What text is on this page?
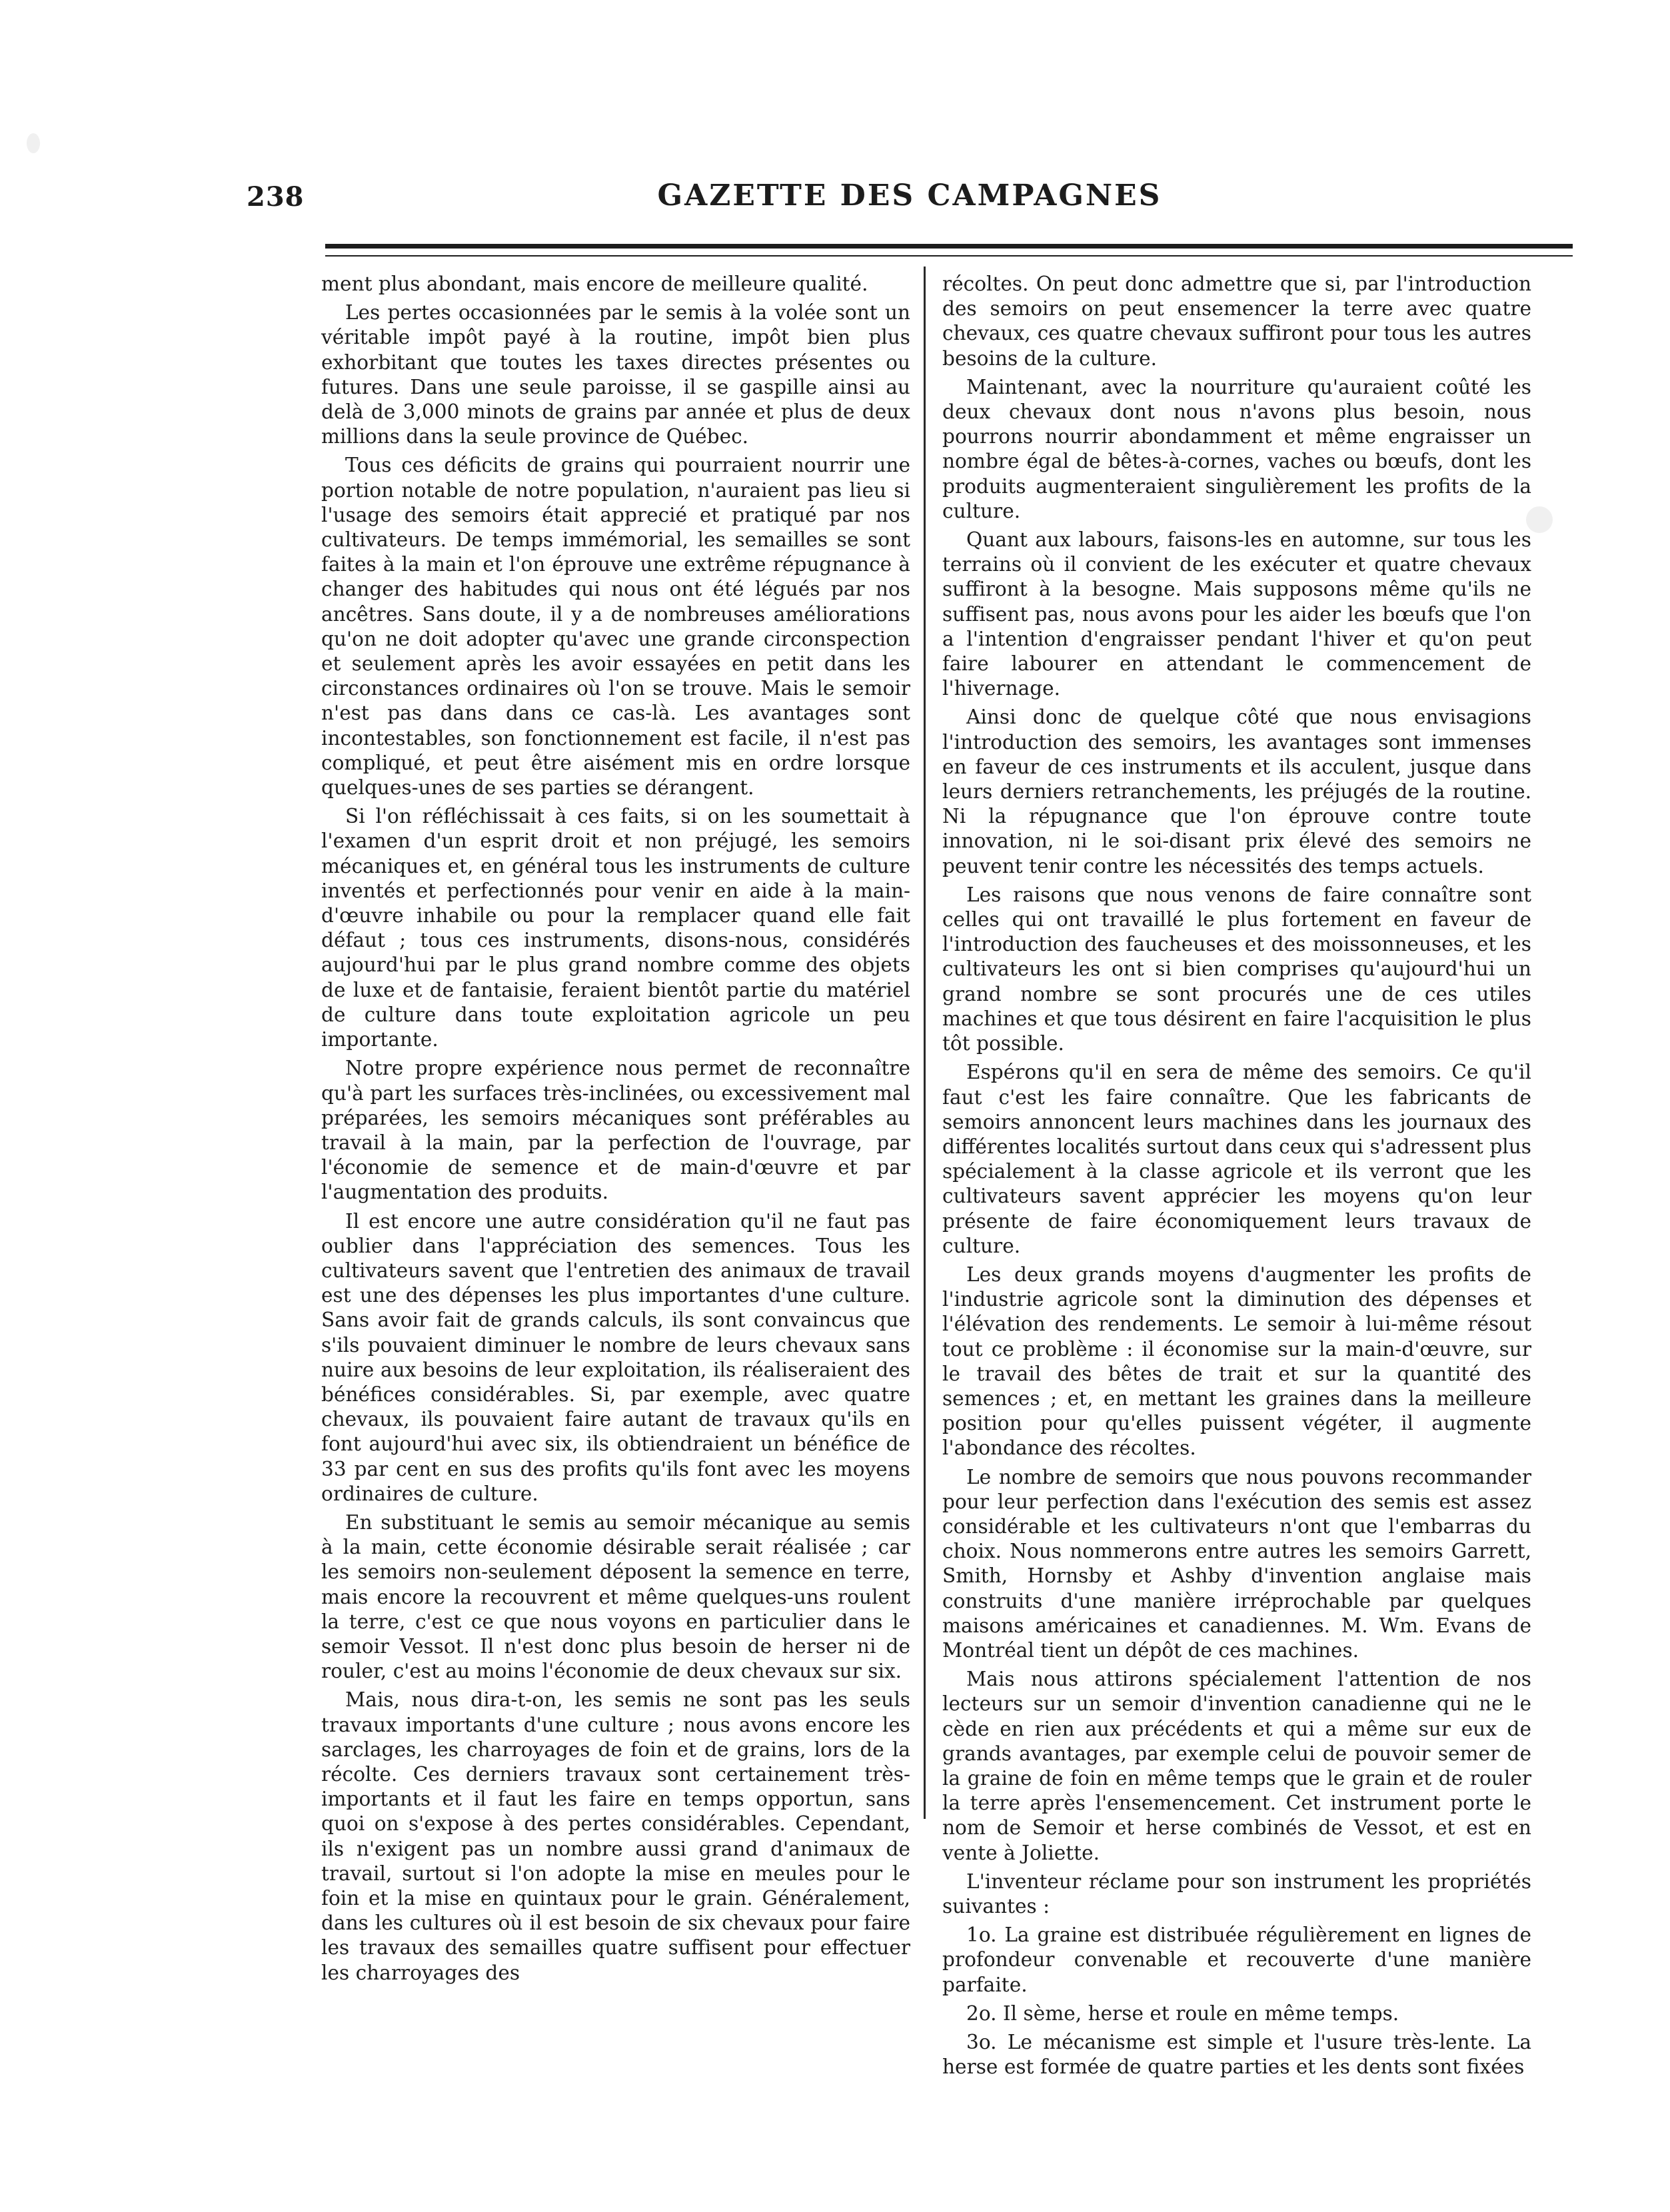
238	GAZETTE DES CAMPAGNES

ment plus abondant, mais encore de meilleure qualité.

Les pertes occasionnées par le semis à la volée sont un véritable impôt payé à la routine, impôt bien plus exhorbitant que toutes les taxes directes présentes ou futures. Dans une seule paroisse, il se gaspille ainsi au delà de 3,000 minots de grains par année et plus de deux millions dans la seule province de Québec.

Tous ces déficits de grains qui pourraient nourrir une portion notable de notre population, n'auraient pas lieu si l'usage des semoirs était apprecié et pratiqué par nos cultivateurs. De temps immémorial, les semailles se sont faites à la main et l'on éprouve une extrême répugnance à changer des habitudes qui nous ont été légués par nos ancêtres. Sans doute, il y a de nombreuses améliorations qu'on ne doit adopter qu'avec une grande circonspection et seulement après les avoir essayées en petit dans les circonstances ordinaires où l'on se trouve. Mais le semoir n'est pas dans dans ce cas-là. Les avantages sont incontestables, son fonctionnement est facile, il n'est pas compliqué, et peut être aisément mis en ordre lorsque quelques-unes de ses parties se dérangent.

Si l'on réfléchissait à ces faits, si on les soumettait à l'examen d'un esprit droit et non préjugé, les semoirs mécaniques et, en général tous les instruments de culture inventés et perfectionnés pour venir en aide à la main-d'œuvre inhabile ou pour la remplacer quand elle fait défaut ; tous ces instruments, disons-nous, considérés aujourd'hui par le plus grand nombre comme des objets de luxe et de fantaisie, feraient bientôt partie du matériel de culture dans toute exploitation agricole un peu importante.

Notre propre expérience nous permet de reconnaître qu'à part les surfaces très-inclinées, ou excessivement mal préparées, les semoirs mécaniques sont préférables au travail à la main, par la perfection de l'ouvrage, par l'économie de semence et de main-d'œuvre et par l'augmentation des produits.

Il est encore une autre considération qu'il ne faut pas oublier dans l'appréciation des semences. Tous les cultivateurs savent que l'entretien des animaux de travail est une des dépenses les plus importantes d'une culture. Sans avoir fait de grands calculs, ils sont convaincus que s'ils pouvaient diminuer le nombre de leurs chevaux sans nuire aux besoins de leur exploitation, ils réaliseraient des bénéfices considérables. Si, par exemple, avec quatre chevaux, ils pouvaient faire autant de travaux qu'ils en font aujourd'hui avec six, ils obtiendraient un bénéfice de 33 par cent en sus des profits qu'ils font avec les moyens ordinaires de culture.

En substituant le semis au semoir mécanique au semis à la main, cette économie désirable serait réalisée ; car les semoirs non-seulement déposent la semence en terre, mais encore la recouvrent et même quelques-uns roulent la terre, c'est ce que nous voyons en particulier dans le semoir Vessot. Il n'est donc plus besoin de herser ni de rouler, c'est au moins l'économie de deux chevaux sur six.

Mais, nous dira-t-on, les semis ne sont pas les seuls travaux importants d'une culture ; nous avons encore les sarclages, les charroyages de foin et de grains, lors de la récolte. Ces derniers travaux sont certainement très-importants et il faut les faire en temps opportun, sans quoi on s'expose à des pertes considérables. Cependant, ils n'exigent pas un nombre aussi grand d'animaux de travail, surtout si l'on adopte la mise en meules pour le foin et la mise en quintaux pour le grain. Généralement, dans les cultures où il est besoin de six chevaux pour faire les travaux des semailles quatre suffisent pour effectuer les charroyages des

récoltes. On peut donc admettre que si, par l'introduction des semoirs on peut ensemencer la terre avec quatre chevaux, ces quatre chevaux suffiront pour tous les autres besoins de la culture.

Maintenant, avec la nourriture qu'auraient coûté les deux chevaux dont nous n'avons plus besoin, nous pourrons nourrir abondamment et même engraisser un nombre égal de bêtes-à-cornes, vaches ou bœufs, dont les produits augmenteraient singulièrement les profits de la culture.

Quant aux labours, faisons-les en automne, sur tous les terrains où il convient de les exécuter et quatre chevaux suffiront à la besogne. Mais supposons même qu'ils ne suffisent pas, nous avons pour les aider les bœufs que l'on a l'intention d'engraisser pendant l'hiver et qu'on peut faire labourer en attendant le commencement de l'hivernage.

Ainsi donc de quelque côté que nous envisagions l'introduction des semoirs, les avantages sont immenses en faveur de ces instruments et ils acculent, jusque dans leurs derniers retranchements, les préjugés de la routine. Ni la répugnance que l'on éprouve contre toute innovation, ni le soi-disant prix élevé des semoirs ne peuvent tenir contre les nécessités des temps actuels.

Les raisons que nous venons de faire connaître sont celles qui ont travaillé le plus fortement en faveur de l'introduction des faucheuses et des moissonneuses, et les cultivateurs les ont si bien comprises qu'aujourd'hui un grand nombre se sont procurés une de ces utiles machines et que tous désirent en faire l'acquisition le plus tôt possible.

Espérons qu'il en sera de même des semoirs. Ce qu'il faut c'est les faire connaître. Que les fabricants de semoirs annoncent leurs machines dans les journaux des différentes localités surtout dans ceux qui s'adressent plus spécialement à la classe agricole et ils verront que les cultivateurs savent apprécier les moyens qu'on leur présente de faire économiquement leurs travaux de culture.

Les deux grands moyens d'augmenter les profits de l'industrie agricole sont la diminution des dépenses et l'élévation des rendements. Le semoir à lui-même résout tout ce problème : il économise sur la main-d'œuvre, sur le travail des bêtes de trait et sur la quantité des semences ; et, en mettant les graines dans la meilleure position pour qu'elles puissent végéter, il augmente l'abondance des récoltes.

Le nombre de semoirs que nous pouvons recommander pour leur perfection dans l'exécution des semis est assez considérable et les cultivateurs n'ont que l'embarras du choix. Nous nommerons entre autres les semoirs Garrett, Smith, Hornsby et Ashby d'invention anglaise mais construits d'une manière irréprochable par quelques maisons américaines et canadiennes. M. Wm. Evans de Montréal tient un dépôt de ces machines.

Mais nous attirons spécialement l'attention de nos lecteurs sur un semoir d'invention canadienne qui ne le cède en rien aux précédents et qui a même sur eux de grands avantages, par exemple celui de pouvoir semer de la graine de foin en même temps que le grain et de rouler la terre après l'ensemencement. Cet instrument porte le nom de Semoir et herse combinés de Vessot, et est en vente à Joliette.

L'inventeur réclame pour son instrument les propriétés suivantes :

1o. La graine est distribuée régulièrement en lignes de profondeur convenable et recouverte d'une manière parfaite.

2o. Il sème, herse et roule en même temps.

3o. Le mécanisme est simple et l'usure très-lente. La herse est formée de quatre parties et les dents sont fixées
